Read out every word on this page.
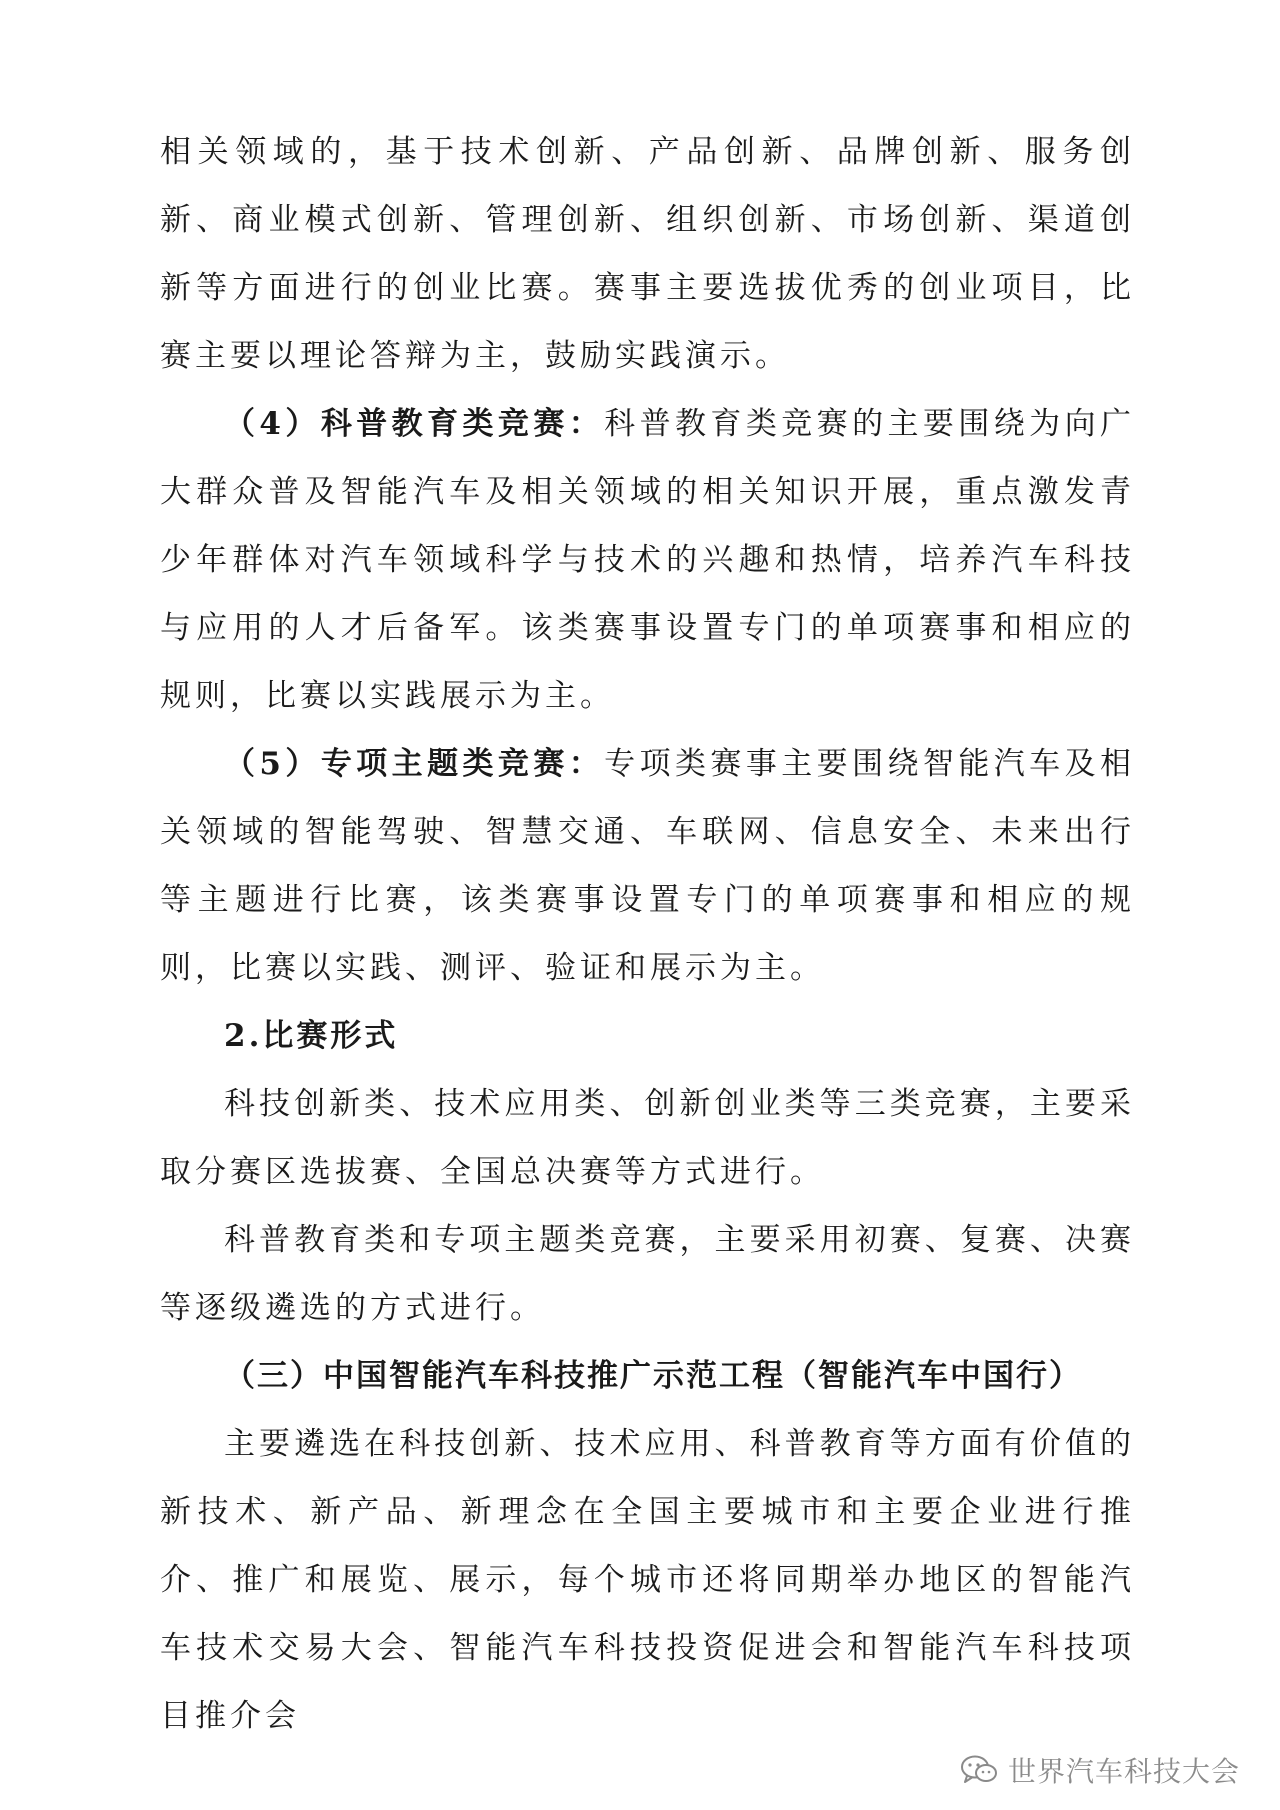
相关领域的，基于技术创新、产品创新、品牌创新、服务创新、商业模式创新、管理创新、组织创新、市场创新、渠道创新等方面进行的创业比赛。赛事主要选拔优秀的创业项目，比赛主要以理论答辩为主，鼓励实践演示。

（4）科普教育类竞赛：科普教育类竞赛的主要围绕为向广大群众普及智能汽车及相关领域的相关知识开展，重点激发青少年群体对汽车领域科学与技术的兴趣和热情，培养汽车科技与应用的人才后备军。该类赛事设置专门的单项赛事和相应的规则，比赛以实践展示为主。

（5）专项主题类竞赛：专项类赛事主要围绕智能汽车及相关领域的智能驾驶、智慧交通、车联网、信息安全、未来出行等主题进行比赛，该类赛事设置专门的单项赛事和相应的规则，比赛以实践、测评、验证和展示为主。

2.比赛形式

科技创新类、技术应用类、创新创业类等三类竞赛，主要采取分赛区选拔赛、全国总决赛等方式进行。

科普教育类和专项主题类竞赛，主要采用初赛、复赛、决赛等逐级遴选的方式进行。

（三）中国智能汽车科技推广示范工程（智能汽车中国行）

主要遴选在科技创新、技术应用、科普教育等方面有价值的新技术、新产品、新理念在全国主要城市和主要企业进行推介、推广和展览、展示，每个城市还将同期举办地区的智能汽车技术交易大会、智能汽车科技投资促进会和智能汽车科技项目推介会

世界汽车科技大会
